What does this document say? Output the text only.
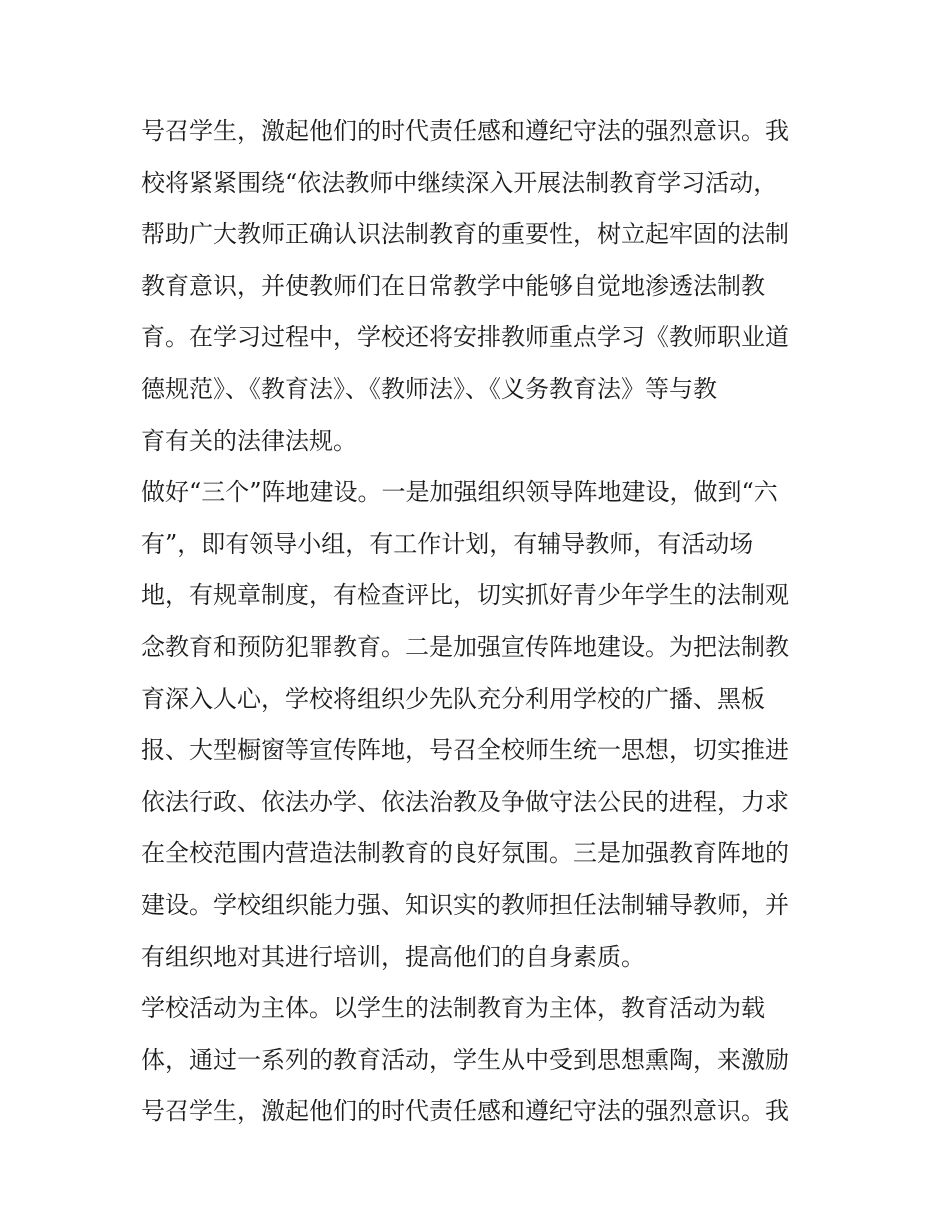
号召学生，激起他们的时代责任感和遵纪守法的强烈意识。我
校将紧紧围绕“依法教师中继续深入开展法制教育学习活动，
帮助广大教师正确认识法制教育的重要性，树立起牢固的法制
教育意识，并使教师们在日常教学中能够自觉地渗透法制教
育。在学习过程中，学校还将安排教师重点学习《教师职业道
德规范》、《教育法》、《教师法》、《义务教育法》等与教
育有关的法律法规。
做好“三个”阵地建设。一是加强组织领导阵地建设，做到“六
有”，即有领导小组，有工作计划，有辅导教师，有活动场
地，有规章制度，有检查评比，切实抓好青少年学生的法制观
念教育和预防犯罪教育。二是加强宣传阵地建设。为把法制教
育深入人心，学校将组织少先队充分利用学校的广播、黑板
报、大型橱窗等宣传阵地，号召全校师生统一思想，切实推进
依法行政、依法办学、依法治教及争做守法公民的进程，力求
在全校范围内营造法制教育的良好氛围。三是加强教育阵地的
建设。学校组织能力强、知识实的教师担任法制辅导教师，并
有组织地对其进行培训，提高他们的自身素质。
学校活动为主体。以学生的法制教育为主体，教育活动为载
体，通过一系列的教育活动，学生从中受到思想熏陶，来激励
号召学生，激起他们的时代责任感和遵纪守法的强烈意识。我
